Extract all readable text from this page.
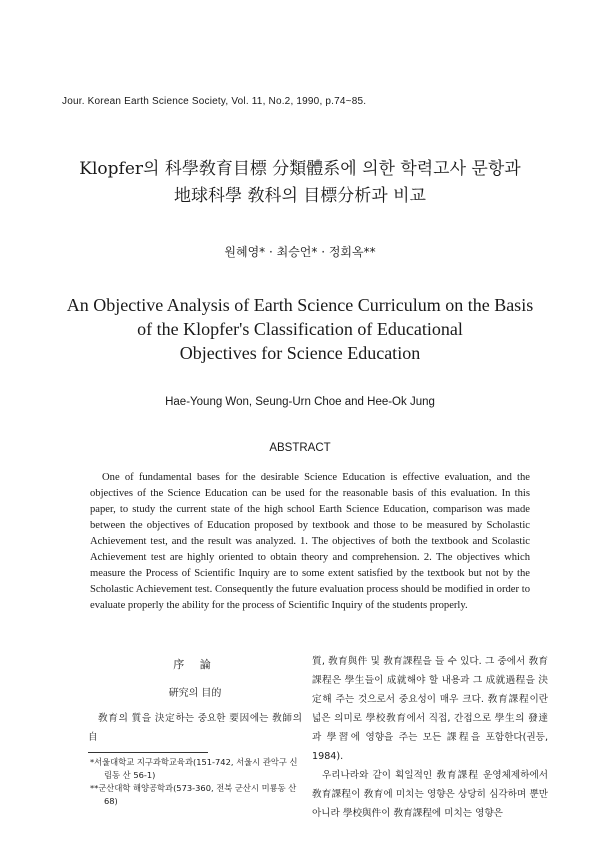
Jour. Korean Earth Science Society, Vol. 11, No.2, 1990, p.74~85.
Klopfer의 科學敎育目標 分類體系에 의한 학력고사 문항과
地球科學 敎科의 目標分析과 비교
원혜영* · 최승언* · 정회옥**
An Objective Analysis of Earth Science Curriculum on the Basis
of the Klopfer's Classification of Educational
Objectives for Science Education
Hae-Young Won, Seung-Urn Choe and Hee-Ok Jung
ABSTRACT
One of fundamental bases for the desirable Science Education is effective evaluation, and the objectives of the Science Education can be used for the reasonable basis of this evaluation. In this paper, to study the current state of the high school Earth Science Education, comparison was made between the objectives of Education proposed by textbook and those to be measured by Scholastic Achievement test, and the result was analyzed. 1. The objectives of both the textbook and Scolastic Achievement test are highly oriented to obtain theory and comprehension. 2. The objectives which measure the Process of Scientific Inquiry are to some extent satisfied by the textbook but not by the Scholastic Achievement test. Consequently the future evaluation process should be modified in order to evaluate properly the ability for the process of Scientific Inquiry of the students properly.
序 論
硏究의 目的

敎育의 質을 決定하는 중요한 要因에는 敎師의 自

*서울대학교 지구과학교육과(151-742, 서울시 관악구 신림동 산 56-1)
**군산대학 해양공학과(573-360, 전북 군산시 미룡동 산 68)

質, 敎育與件 및 敎育課程을 들 수 있다. 그 중에서 敎育課程은 學生들이 成就해야 할 내용과 그 成就過程을 決定해 주는 것으로서 중요성이 매우 크다. 敎育課程이란 넓은 의미로 學校敎育에서 직접, 간접으로 學生의 發達과 學習에 영향을 주는 모든 課程을 포함한다(권등, 1984).

우리나라와 같이 획일적인 敎育課程 운영체제하에서 敎育課程이 敎育에 미치는 영향은 상당히 심각하며 뿐만아니라 學校與件이 敎育課程에 미치는 영향은
